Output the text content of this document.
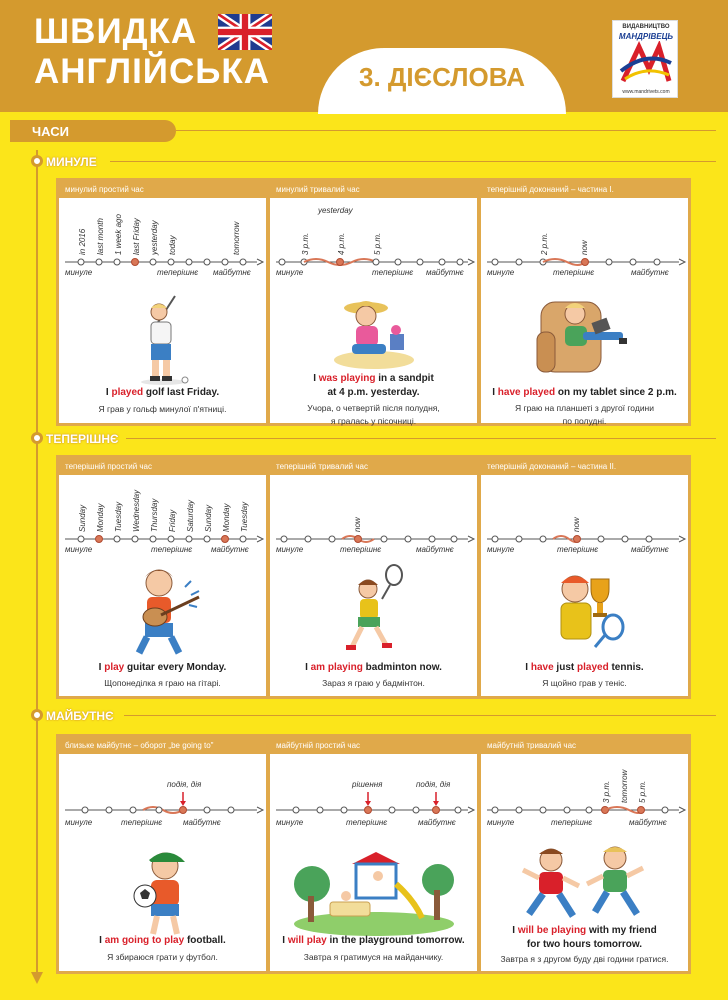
ШВИДКА
АНГЛІЙСЬКА	3. ДІЄСЛОВА
ВИДАВНИЦТВО
МАНДРІВЕЦЬ
www.mandrivets.com
ЧАСИ
МИНУЛЕ
ТЕПЕРІШНЄ
МАЙБУТНЄ
минулий простий час
in 2016 last month 1 week ago last Friday yesterday today	tomorrow
минуле	теперішнє майбутнє
I played golf last Friday.
Я грав у гольф минулої п'ятниці.
минулий тривалий час
yesterday
3 p.m.	4 p.m.	5 p.m.
минуле	теперішнє майбутнє
I was playing in a sandpit
at 4 p.m. yesterday.
Учора, о четвертій після полудня,
я гралась у пісочниці.
теперішній доконаний – частина I.
2 p.m.	now
минуле	теперішнє	майбутнє
I have played on my tablet since 2 p.m.
Я граю на планшеті з другої години
по полудні.
теперішній простий час
Sunday Monday Tuesday Wednesday Thursday Friday Saturday Sunday Monday Tuesday
минуле	теперішнє майбутнє
I play guitar every Monday.
Щопонеділка я граю на гітарі.
теперішній тривалий час
now
минуле	теперішнє	майбутнє
I am playing badminton now.
Зараз я граю у бадмінтон.
теперішній доконаний – частина II.
now
минуле	теперішнє	майбутнє
I have just played tennis.
Я щойно грав у теніс.
близьке майбутнє – оборот „be going to"
подія, дія
минуле	теперішнє	майбутнє
I am going to play football.
Я збираюся грати у футбол.
майбутній простий час
рішення	подія, дія
минуле	теперішнє	майбутнє
I will play in the playground tomorrow.
Завтра я гратимуся на майданчику.
майбутній тривалий час
3 p.m. tomorrow 5 p.m.
минуле	теперішнє	майбутнє
I will be playing with my friend
for two hours tomorrow.
Завтра я з другом буду дві години гратися.
